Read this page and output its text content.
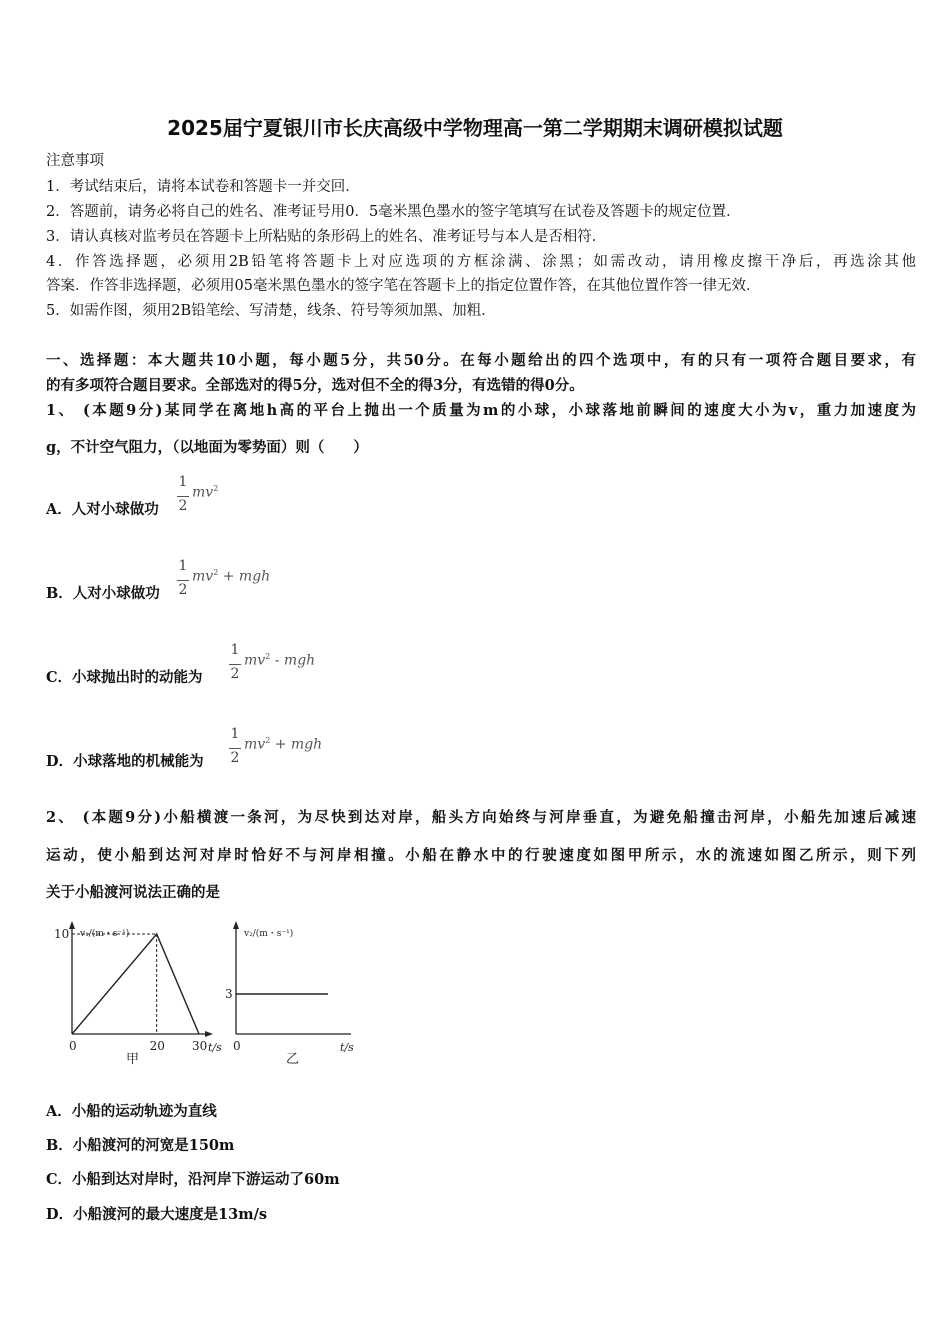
2025届宁夏银川市长庆高级中学物理高一第二学期期末调研模拟试题
注意事项
1．考试结束后，请将本试卷和答题卡一并交回．
2．答题前，请务必将自己的姓名、准考证号用0．5毫米黑色墨水的签字笔填写在试卷及答题卡的规定位置．
3．请认真核对监考员在答题卡上所粘贴的条形码上的姓名、准考证号与本人是否相符．
4．作答选择题，必须用2B铅笔将答题卡上对应选项的方框涂满、涂黑；如需改动，请用橡皮擦干净后，再选涂其他
答案．作答非选择题，必须用05毫米黑色墨水的签字笔在答题卡上的指定位置作答，在其他位置作答一律无效．
5．如需作图，须用2B铅笔绘、写清楚，线条、符号等须加黑、加粗．
一、选择题：本大题共10小题，每小题5分，共50分。在每小题给出的四个选项中，有的只有一项符合题目要求，有
的有多项符合题目要求。全部选对的得5分，选对但不全的得3分，有选错的得0分。
1、 (本题9分)某同学在离地h高的平台上抛出一个质量为m的小球，小球落地前瞬间的速度大小为v，重力加速度为
g，不计空气阻力，（以地面为零势面）则（　　）
A．人对小球做功
1
2
$mv^2$
B．人对小球做功
1
2
$mv^2$ + mgh
C．小球抛出时的动能为
1
2
$mv^2$ - mgh
D．小球落地的机械能为
1
2
$mv^2$ + mgh
2、 (本题9分)小船横渡一条河，为尽快到达对岸，船头方向始终与河岸垂直，为避免船撞击河岸，小船先加速后减速
运动，使小船到达河对岸时恰好不与河岸相撞。小船在静水中的行驶速度如图甲所示，水的流速如图乙所示，则下列
关于小船渡河说法正确的是
v₁/(m・s⁻¹)
10
0	20 30 t/s
甲
v₂/(m・s⁻¹)
3
0	t/s
乙
A．小船的运动轨迹为直线
B．小船渡河的河宽是150m
C．小船到达对岸时，沿河岸下游运动了60m
D．小船渡河的最大速度是13m/s
